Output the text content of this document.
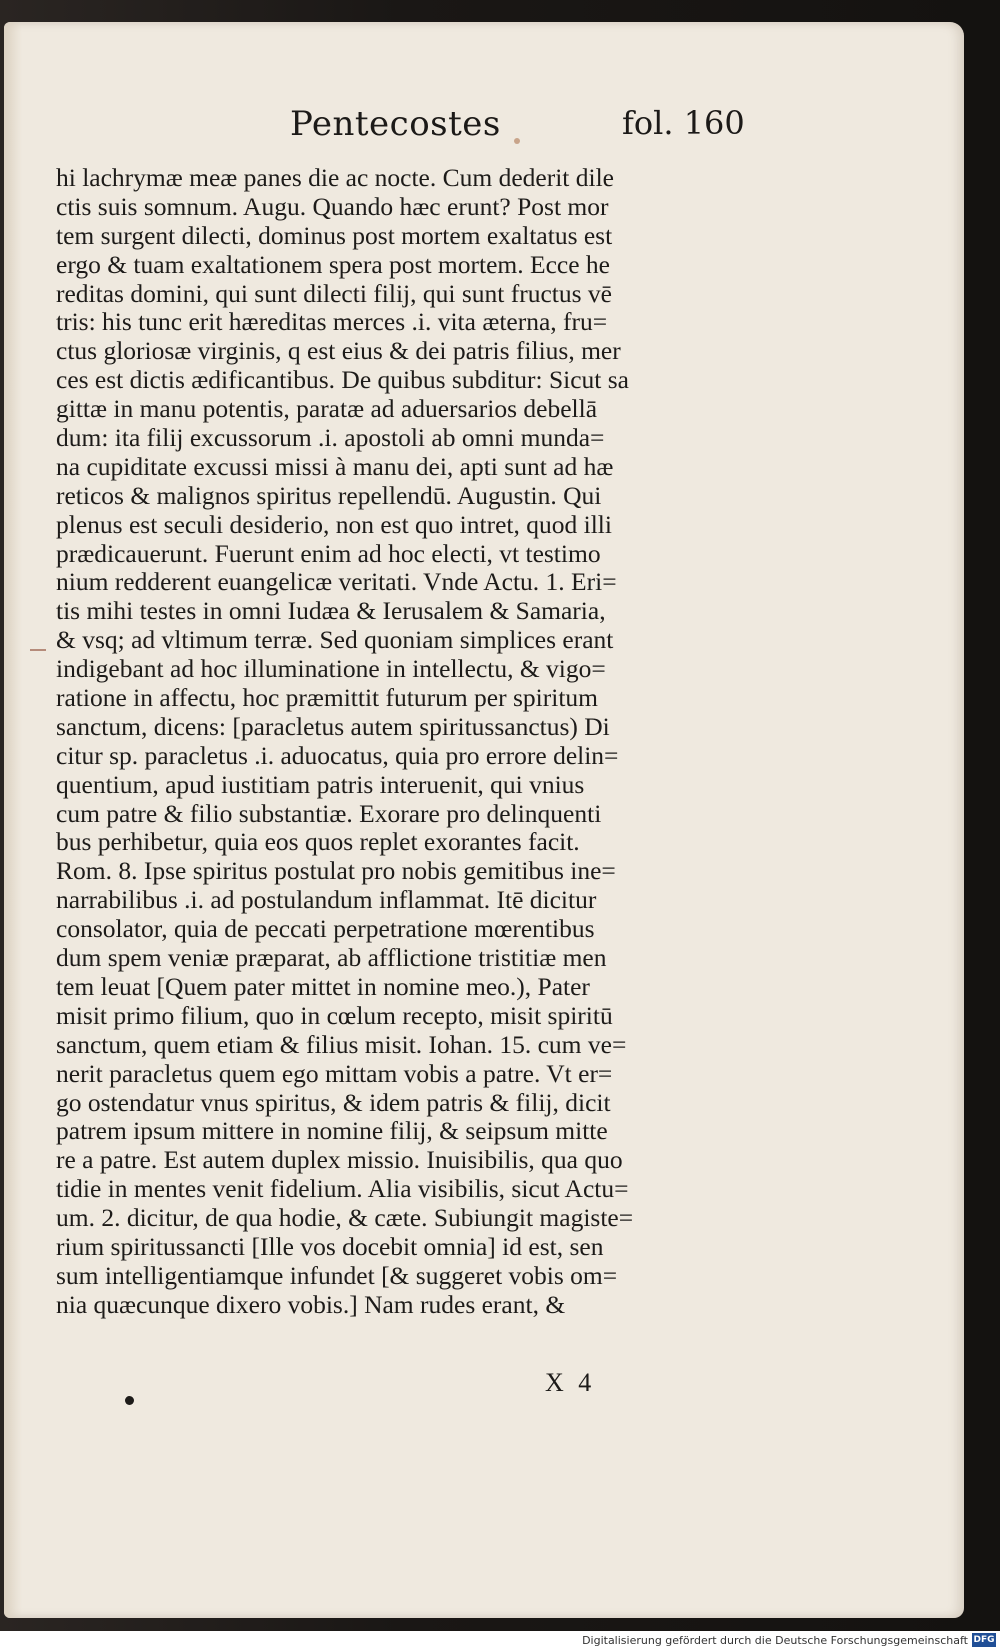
Pentecostes	fol. 160
hi lachrymæ meæ panes die ac nocte. Cum dederit dile
ctis suis somnum. Augu. Quando hæc erunt? Post mor
tem surgent dilecti, dominus post mortem exaltatus est
ergo & tuam exaltationem spera post mortem. Ecce he
reditas domini, qui sunt dilecti filij, qui sunt fructus vē
tris: his tunc erit hæreditas merces .i. vita æterna, fru=
ctus gloriosæ virginis, q est eius & dei patris filius, mer
ces est dictis ædificantibus. De quibus subditur: Sicut sa
gittæ in manu potentis, paratæ ad aduersarios debellā
dum: ita filij excussorum .i. apostoli ab omni munda=
na cupiditate excussi missi à manu dei, apti sunt ad hæ
reticos & malignos spiritus repellendū. Augustin. Qui
plenus est seculi desiderio, non est quo intret, quod illi
prædicauerunt. Fuerunt enim ad hoc electi, vt testimo
nium redderent euangelicæ veritati. Vnde Actu. 1. Eri=
tis mihi testes in omni Iudæa & Ierusalem & Samaria,
& vsq; ad vltimum terræ. Sed quoniam simplices erant
indigebant ad hoc illuminatione in intellectu, & vigo=
ratione in affectu, hoc præmittit futurum per spiritum
sanctum, dicens: [paracletus autem spiritussanctus) Di
citur sp. paracletus .i. aduocatus, quia pro errore delin=
quentium, apud iustitiam patris interuenit, qui vnius
cum patre & filio substantiæ. Exorare pro delinquenti
bus perhibetur, quia eos quos replet exorantes facit.
Rom. 8. Ipse spiritus postulat pro nobis gemitibus ine=
narrabilibus .i. ad postulandum inflammat. Itē dicitur
consolator, quia de peccati perpetratione mœrentibus
dum spem veniæ præparat, ab afflictione tristitiæ men
tem leuat [Quem pater mittet in nomine meo.), Pater
misit primo filium, quo in cœlum recepto, misit spiritū
sanctum, quem etiam & filius misit. Iohan. 15. cum ve=
nerit paracletus quem ego mittam vobis a patre. Vt er=
go ostendatur vnus spiritus, & idem patris & filij, dicit
patrem ipsum mittere in nomine filij, & seipsum mitte
re a patre. Est autem duplex missio. Inuisibilis, qua quo
tidie in mentes venit fidelium. Alia visibilis, sicut Actu=
um. 2. dicitur, de qua hodie, & cæte. Subiungit magiste=
rium spiritussancti [Ille vos docebit omnia] id est, sen
sum intelligentiamque infundet [& suggeret vobis om=
nia quæcunque dixero vobis.] Nam rudes erant, &
X 4
Digitalisierung gefördert durch die Deutsche Forschungsgemeinschaft DFG
